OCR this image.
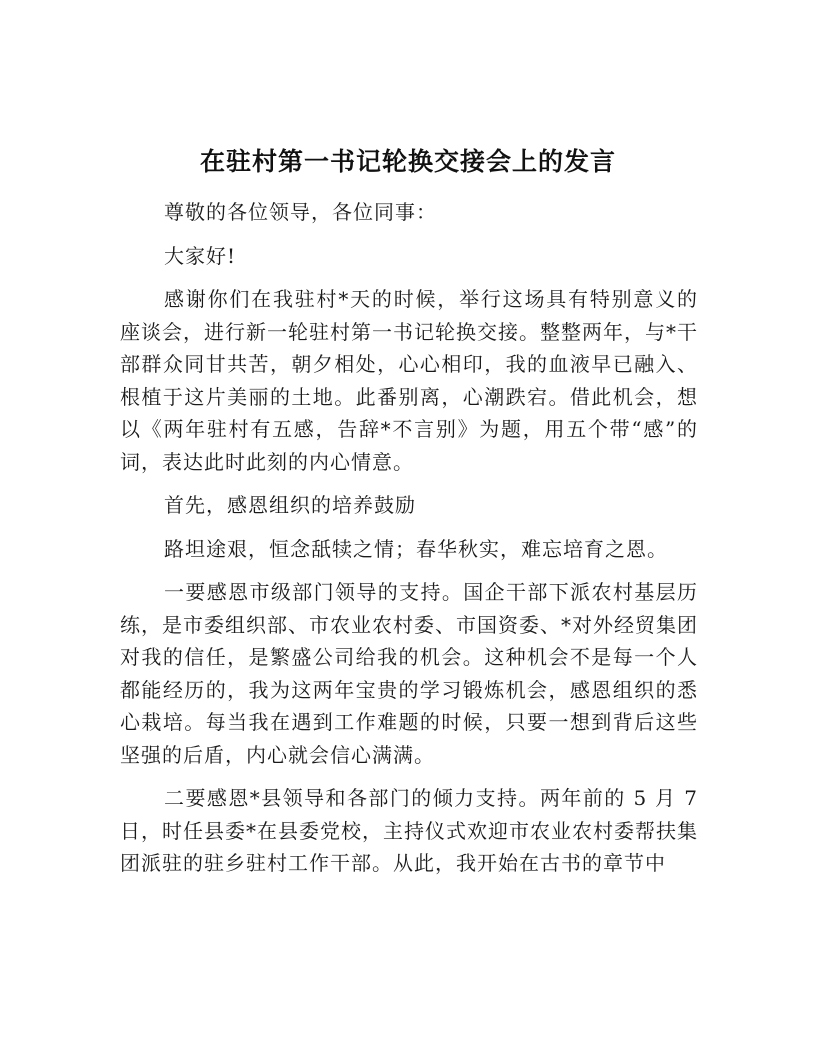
在驻村第一书记轮换交接会上的发言

尊敬的各位领导，各位同事：

大家好!

感谢你们在我驻村*天的时候，举行这场具有特别意义的座谈会，进行新一轮驻村第一书记轮换交接。整整两年，与*干部群众同甘共苦，朝夕相处，心心相印，我的血液早已融入、根植于这片美丽的土地。此番别离，心潮跌宕。借此机会，想以《两年驻村有五感，告辞*不言别》为题，用五个带“感”的词，表达此时此刻的内心情意。

首先，感恩组织的培养鼓励

路坦途艰，恒念舐犊之情；春华秋实，难忘培育之恩。

一要感恩市级部门领导的支持。国企干部下派农村基层历练，是市委组织部、市农业农村委、市国资委、*对外经贸集团对我的信任，是繁盛公司给我的机会。这种机会不是每一个人都能经历的，我为这两年宝贵的学习锻炼机会，感恩组织的悉心栽培。每当我在遇到工作难题的时候，只要一想到背后这些坚强的后盾，内心就会信心满满。

二要感恩*县领导和各部门的倾力支持。两年前的 5 月 7 日，时任县委*在县委党校，主持仪式欢迎市农业农村委帮扶集团派驻的驻乡驻村工作干部。从此，我开始在古书的章节中
